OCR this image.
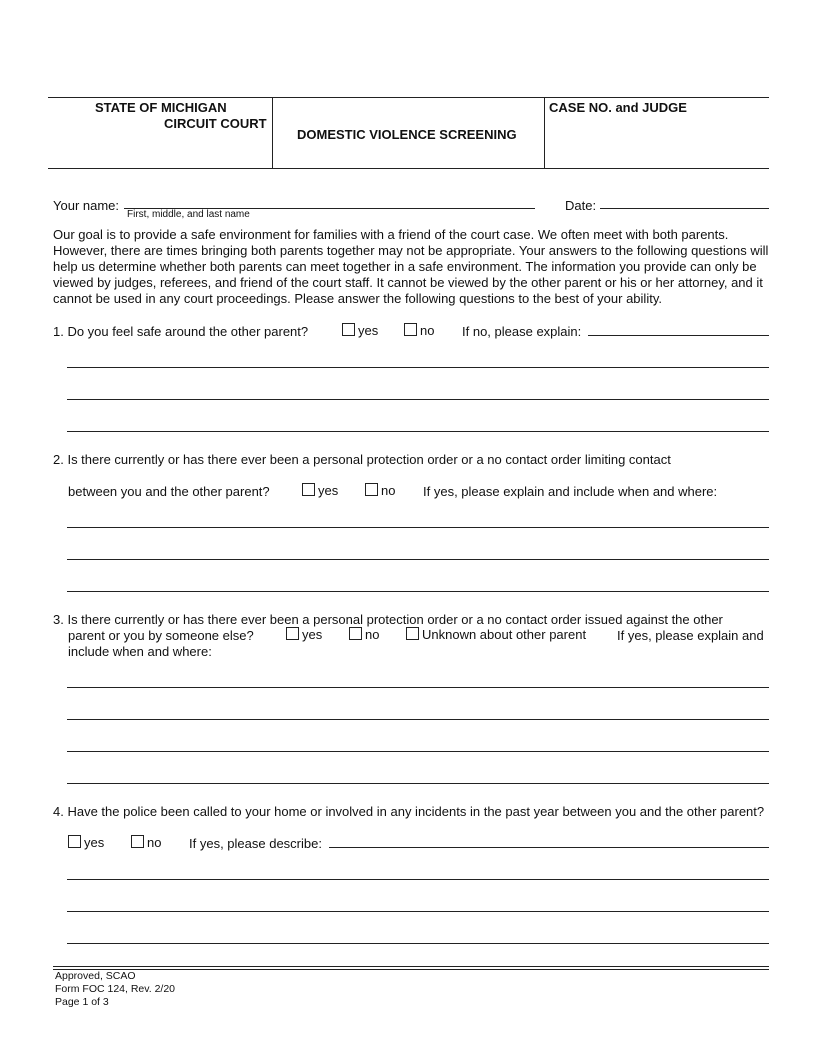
STATE OF MICHIGAN
CIRCUIT COURT
DOMESTIC VIOLENCE SCREENING
CASE NO. and JUDGE
Your name:
First, middle, and last name
Date:
Our goal is to provide a safe environment for families with a friend of the court case. We often meet with both parents. However, there are times bringing both parents together may not be appropriate. Your answers to the following questions will help us determine whether both parents can meet together in a safe environment. The information you provide can only be viewed by judges, referees, and friend of the court staff. It cannot be viewed by the other parent or his or her attorney, and it cannot be used in any court proceedings. Please answer the following questions to the best of your ability.
1. Do you feel safe around the other parent?	yes	no If no, please explain:
2. Is there currently or has there ever been a personal protection order or a no contact order limiting contact
between you and the other parent?	yes	no If yes, please explain and include when and where:
3. Is there currently or has there ever been a personal protection order or a no contact order issued against the other
parent or you by someone else?	yes	no	Unknown about other parent If yes, please explain and
include when and where:
4. Have the police been called to your home or involved in any incidents in the past year between you and the other parent?
yes	no If yes, please describe:
Approved, SCAO
Form FOC 124, Rev. 2/20
Page 1 of 3
